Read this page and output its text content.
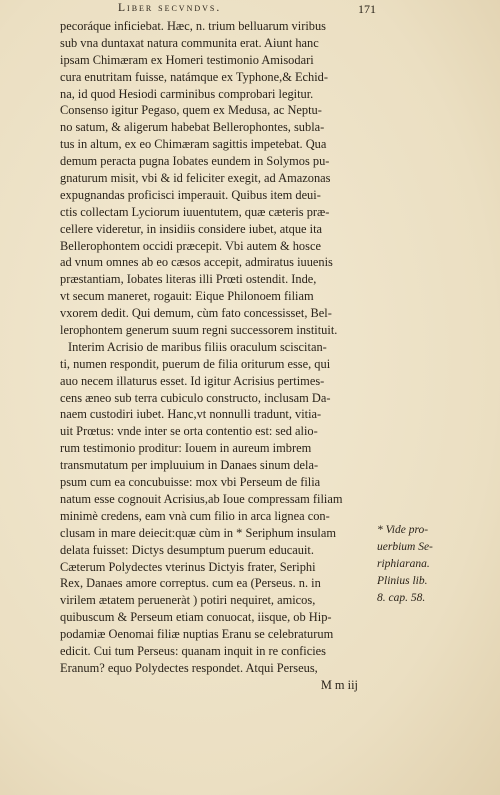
Liber secvndvs.	171
pecoráque inficiebat. Hæc, n. trium belluarum viribus
sub vna duntaxat natura communita erat. Aiunt hanc
ipsam Chimæram ex Homeri testimonio Amisodari
cura enutritam fuisse, natámque ex Typhone,& Echid-
na, id quod Hesiodi carminibus comprobari legitur.
Consenso igitur Pegaso, quem ex Medusa, ac Neptu-
no satum, & aligerum habebat Bellerophontes, subla-
tus in altum, ex eo Chimæram sagittis impetebat. Qua
demum peracta pugna Iobates eundem in Solymos pu-
gnaturum misit, vbi & id feliciter exegit, ad Amazonas
expugnandas proficisci imperauit. Quibus item deui-
ctis collectam Lyciorum iuuentutem, quæ cæteris præ-
cellere videretur, in insidiis considere iubet, atque ita
Bellerophontem occidi præcepit. Vbi autem & hosce
ad vnum omnes ab eo cæsos accepit, admiratus iuuenis
præstantiam, Iobates literas illi Prœti ostendit. Inde,
vt secum maneret, rogauit: Eique Philonoem filiam
vxorem dedit. Qui demum, cùm fato concessisset, Bel-
lerophontem generum suum regni successorem instituit.
Interim Acrisio de maribus filiis oraculum sciscitan-
ti, numen respondit, puerum de filia oriturum esse, qui
auo necem illaturus esset. Id igitur Acrisius pertimes-
cens æneo sub terra cubiculo constructo, inclusam Da-
naem custodiri iubet. Hanc,vt nonnulli tradunt, vitia-
uit Prœtus: vnde inter se orta contentio est: sed alio-
rum testimonio proditur: Iouem in aureum imbrem
transmutatum per impluuium in Danaes sinum dela-
psum cum ea concubuisse: mox vbi Perseum de filia
natum esse cognouit Acrisius,ab Ioue compressam filiam
minimè credens, eam vnà cum filio in arca lignea con-
clusam in mare deiecit:quæ cùm in * Seriphum insulam
delata fuisset: Dictys desumptum puerum educauit.
Cæterum Polydectes vterinus Dictyis frater, Seriphi
Rex, Danaes amore correptus. cum ea (Perseus. n. in
virilem ætatem perueneràt ) potiri nequiret, amicos,
quibuscum & Perseum etiam conuocat, iisque, ob Hip-
podamiæ Oenomai filiæ nuptias Eranu se celebraturum
edicit. Cui tum Perseus: quanam inquit in re conficies
Eranum? equo Polydectes respondet. Atqui Perseus,
M m iij
* Vide pro-
uerbium Se-
riphiarana.
Plinius lib.
8. cap. 58.
